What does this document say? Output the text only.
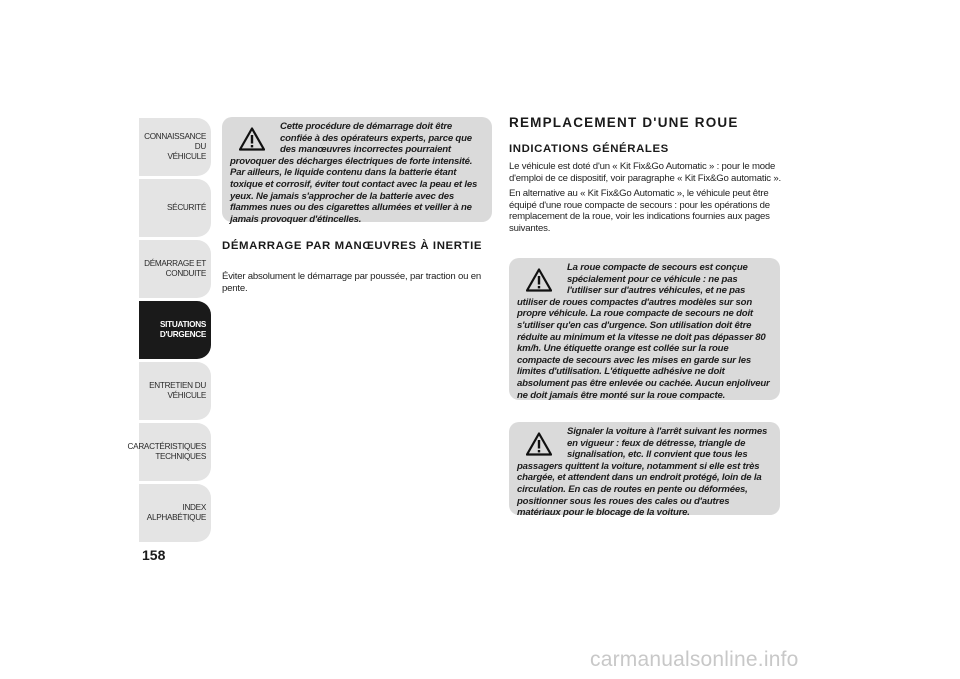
CONNAISSANCE DU
VÉHICULE
SÉCURITÉ
DÉMARRAGE ET
CONDUITE
SITUATIONS
D'URGENCE
ENTRETIEN DU
VÉHICULE
CARACTÉRISTIQUES
TECHNIQUES
INDEX
ALPHABÉTIQUE
158

Cette procédure de démarrage doit être confiée à des opérateurs experts, parce que des manœuvres incorrectes pourraient provoquer des décharges électriques de forte intensité. Par ailleurs, le liquide contenu dans la batterie étant toxique et corrosif, éviter tout contact avec la peau et les yeux. Ne jamais s'approcher de la batterie avec des flammes nues ou des cigarettes allumées et veiller à ne jamais provoquer d'étincelles.

DÉMARRAGE PAR MANŒUVRES À INERTIE
Éviter absolument le démarrage par poussée, par traction ou en pente.
REMPLACEMENT D'UNE ROUE
INDICATIONS GÉNÉRALES

Le véhicule est doté d'un « Kit Fix&Go Automatic » : pour le mode d'emploi de ce dispositif, voir paragraphe « Kit Fix&Go automatic ».

En alternative au « Kit Fix&Go Automatic », le véhicule peut être équipé d'une roue compacte de secours : pour les opérations de remplacement de la roue, voir les indications fournies aux pages suivantes.

La roue compacte de secours est conçue spécialement pour ce véhicule : ne pas l'utiliser sur d'autres véhicules, et ne pas utiliser de roues compactes d'autres modèles sur son propre véhicule. La roue compacte de secours ne doit s'utiliser qu'en cas d'urgence. Son utilisation doit être réduite au minimum et la vitesse ne doit pas dépasser 80 km/h. Une étiquette orange est collée sur la roue compacte de secours avec les mises en garde sur les limites d'utilisation. L'étiquette adhésive ne doit absolument pas être enlevée ou cachée. Aucun enjoliveur ne doit jamais être monté sur la roue compacte.

Signaler la voiture à l'arrêt suivant les normes en vigueur : feux de détresse, triangle de signalisation, etc. Il convient que tous les passagers quittent la voiture, notamment si elle est très chargée, et attendent dans un endroit protégé, loin de la circulation. En cas de routes en pente ou déformées, positionner sous les roues des cales ou d'autres matériaux pour le blocage de la voiture.

carmanualsonline.info
